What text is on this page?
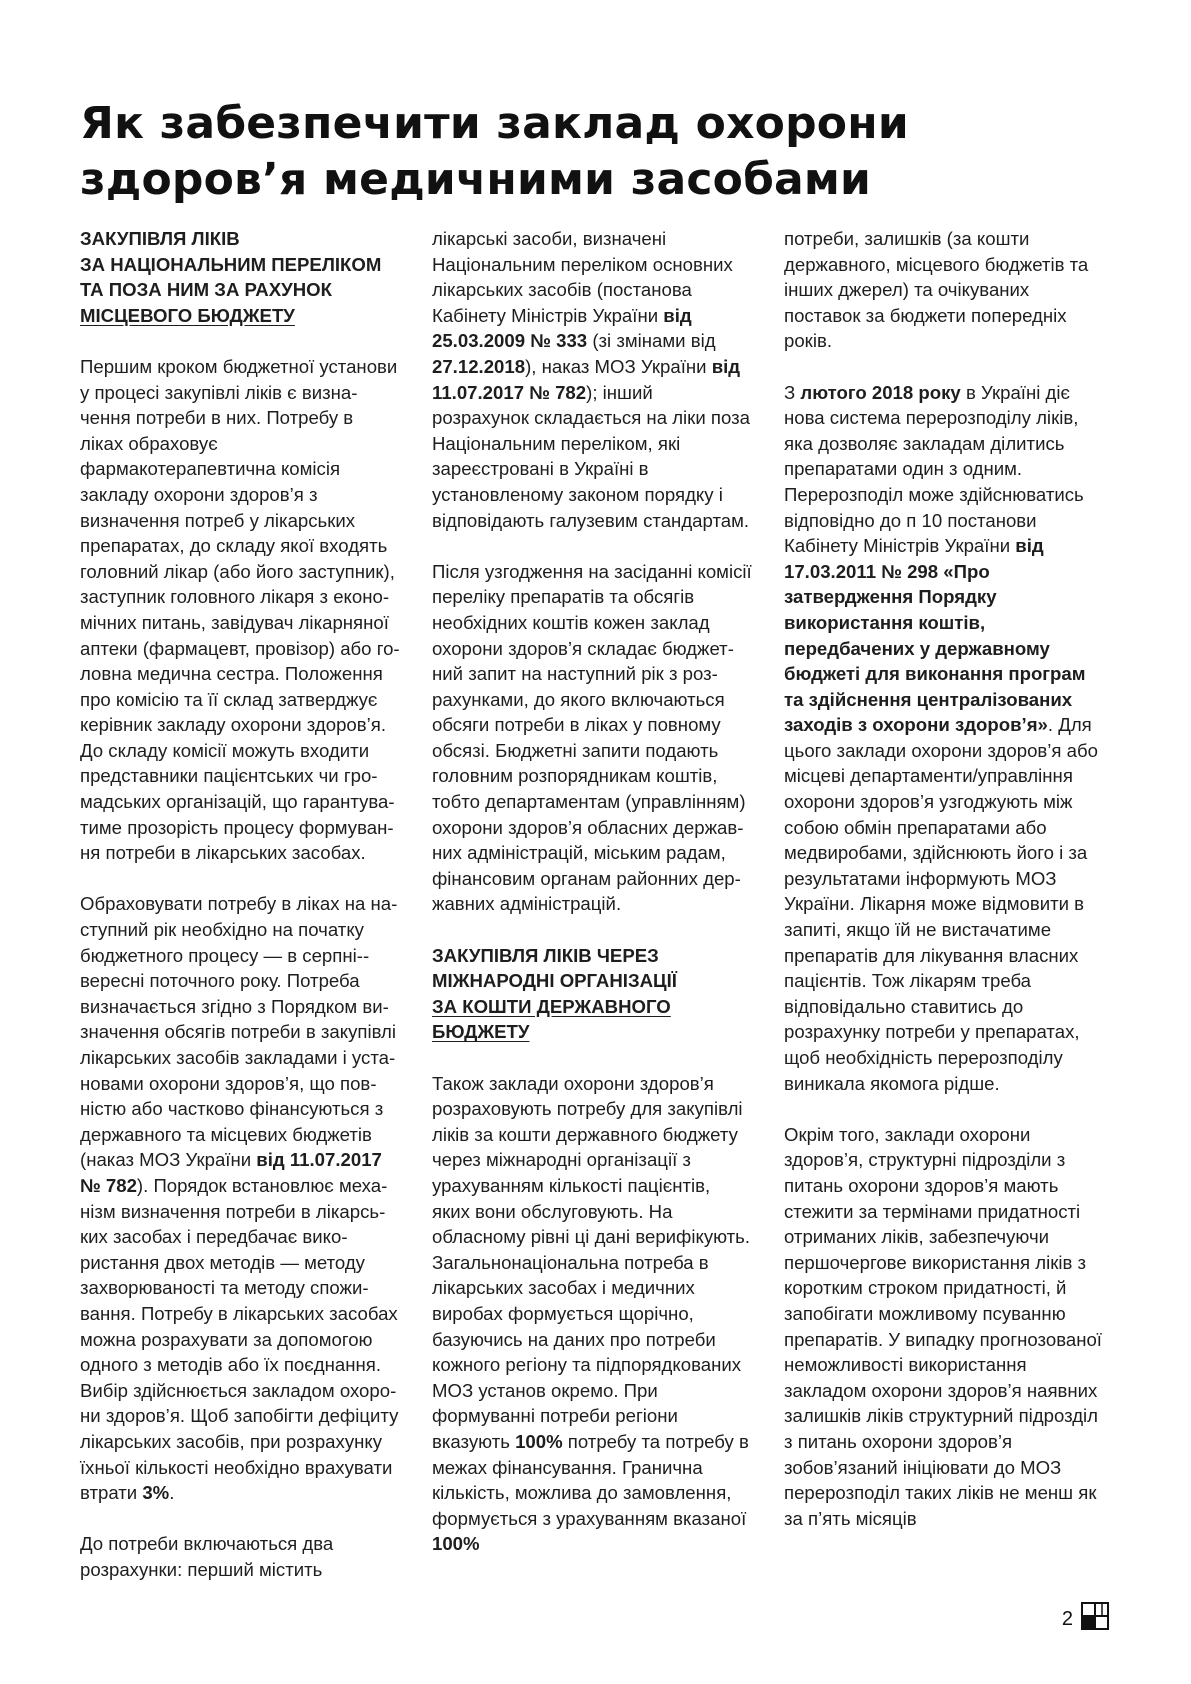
Як забезпечити заклад охорони здоров’я медичними засобами
ЗАКУПІВЛЯ ЛІКІВ
ЗА НАЦІОНАЛЬНИМ ПЕРЕЛІКОМ
ТА ПОЗА НИМ ЗА РАХУНОК
МІСЦЕВОГО БЮДЖЕТУ

Першим кроком бюджетної установи у процесі закупівлі ліків є визначення потреби в них. Потребу в ліках обраховує фармакотерапевтична комісія закладу охорони здоров’я з визначення потреб у лікарських препаратах, до складу якої входять головний лікар (або його заступник), заступник головного лікаря з економічних питань, завідувач лікарняної аптеки (фармацевт, провізор) або головна медична сестра. Положення про комісію та її склад затверджує керівник закладу охорони здоров’я. До складу комісії можуть входити представники пацієнтських чи громадських організацій, що гарантуватиме прозорість процесу формування потреби в лікарських засобах.

Обраховувати потребу в ліках на наступний рік необхідно на початку бюджетного процесу — в серпні-вересні поточного року. Потреба визначається згідно з Порядком визначення обсягів потреби в закупівлі лікарських засобів закладами і установами охорони здоров’я, що повністю або частково фінансуються з державного та місцевих бюджетів (наказ МОЗ України від 11.07.2017 № 782). Порядок встановлює механізм визначення потреби в лікарських засобах і передбачає використання двох методів — методу захворюваності та методу споживання. Потребу в лікарських засобах можна розрахувати за допомогою одного з методів або їх поєднання. Вибір здійснюється закладом охорони здоров’я. Щоб запобігти дефіциту лікарських засобів, при розрахунку їхньої кількості необхідно врахувати втрати 3%.

До потреби включаються два розрахунки: перший містить

лікарські засоби, визначені Національним переліком основних лікарських засобів (постанова Кабінету Міністрів України від 25.03.2009 № 333 (зі змінами від 27.12.2018), наказ МОЗ України від 11.07.2017 № 782); інший розрахунок складається на ліки поза Національним переліком, які зареєстровані в Україні в установленому законом порядку і відповідають галузевим стандартам.

Після узгодження на засіданні комісії переліку препаратів та обсягів необхідних коштів кожен заклад охорони здоров’я складає бюджетний запит на наступний рік з розрахунками, до якого включаються обсяги потреби в ліках у повному обсязі. Бюджетні запити подають головним розпорядникам коштів, тобто департаментам (управлінням) охорони здоров’я обласних державних адміністрацій, міським радам, фінансовим органам районних державних адміністрацій.

ЗАКУПІВЛЯ ЛІКІВ ЧЕРЕЗ
МІЖНАРОДНІ ОРГАНІЗАЦІЇ
ЗА КОШТИ ДЕРЖАВНОГО БЮДЖЕТУ

Також заклади охорони здоров’я розраховують потребу для закупівлі ліків за кошти державного бюджету через міжнародні організації з урахуванням кількості пацієнтів, яких вони обслуговують. На обласному рівні ці дані верифікують. Загальнонаціональна потреба в лікарських засобах і медичних виробах формується щорічно, базуючись на даних про потреби кожного регіону та підпорядкованих МОЗ установ окремо. При формуванні потреби регіони вказують 100% потребу та потребу в межах фінансування. Гранична кількість, можлива до замовлення, формується з урахуванням вказаної 100%

потреби, залишків (за кошти державного, місцевого бюджетів та інших джерел) та очікуваних поставок за бюджети попередніх років.

З лютого 2018 року в Україні діє нова система перерозподілу ліків, яка дозволяє закладам ділитись препаратами один з одним. Перерозподіл може здійснюватись відповідно до п 10 постанови Кабінету Міністрів України від 17.03.2011 № 298 «Про затвердження Порядку використання коштів, передбачених у державному бюджеті для виконання програм та здійснення централізованих заходів з охорони здоров’я». Для цього заклади охорони здоров’я або місцеві департаменти/управління охорони здоров’я узгоджують між собою обмін препаратами або медвиробами, здійснюють його і за результатами інформують МОЗ України. Лікарня може відмовити в запиті, якщо їй не вистачатиме препаратів для лікування власних пацієнтів. Тож лікарям треба відповідально ставитись до розрахунку потреби у препаратах, щоб необхідність перерозподілу виникала якомога рідше.

Окрім того, заклади охорони здоров’я, структурні підрозділи з питань охорони здоров’я мають стежити за термінами придатності отриманих ліків, забезпечуючи першочергове використання ліків з коротким строком придатності, й запобігати можливому псуванню препаратів. У випадку прогнозованої неможливості використання закладом охорони здоров’я наявних залишків ліків структурний підрозділ з питань охорони здоров’я зобов’язаний ініціювати до МОЗ перерозподіл таких ліків не менш як за п’ять місяців

2
